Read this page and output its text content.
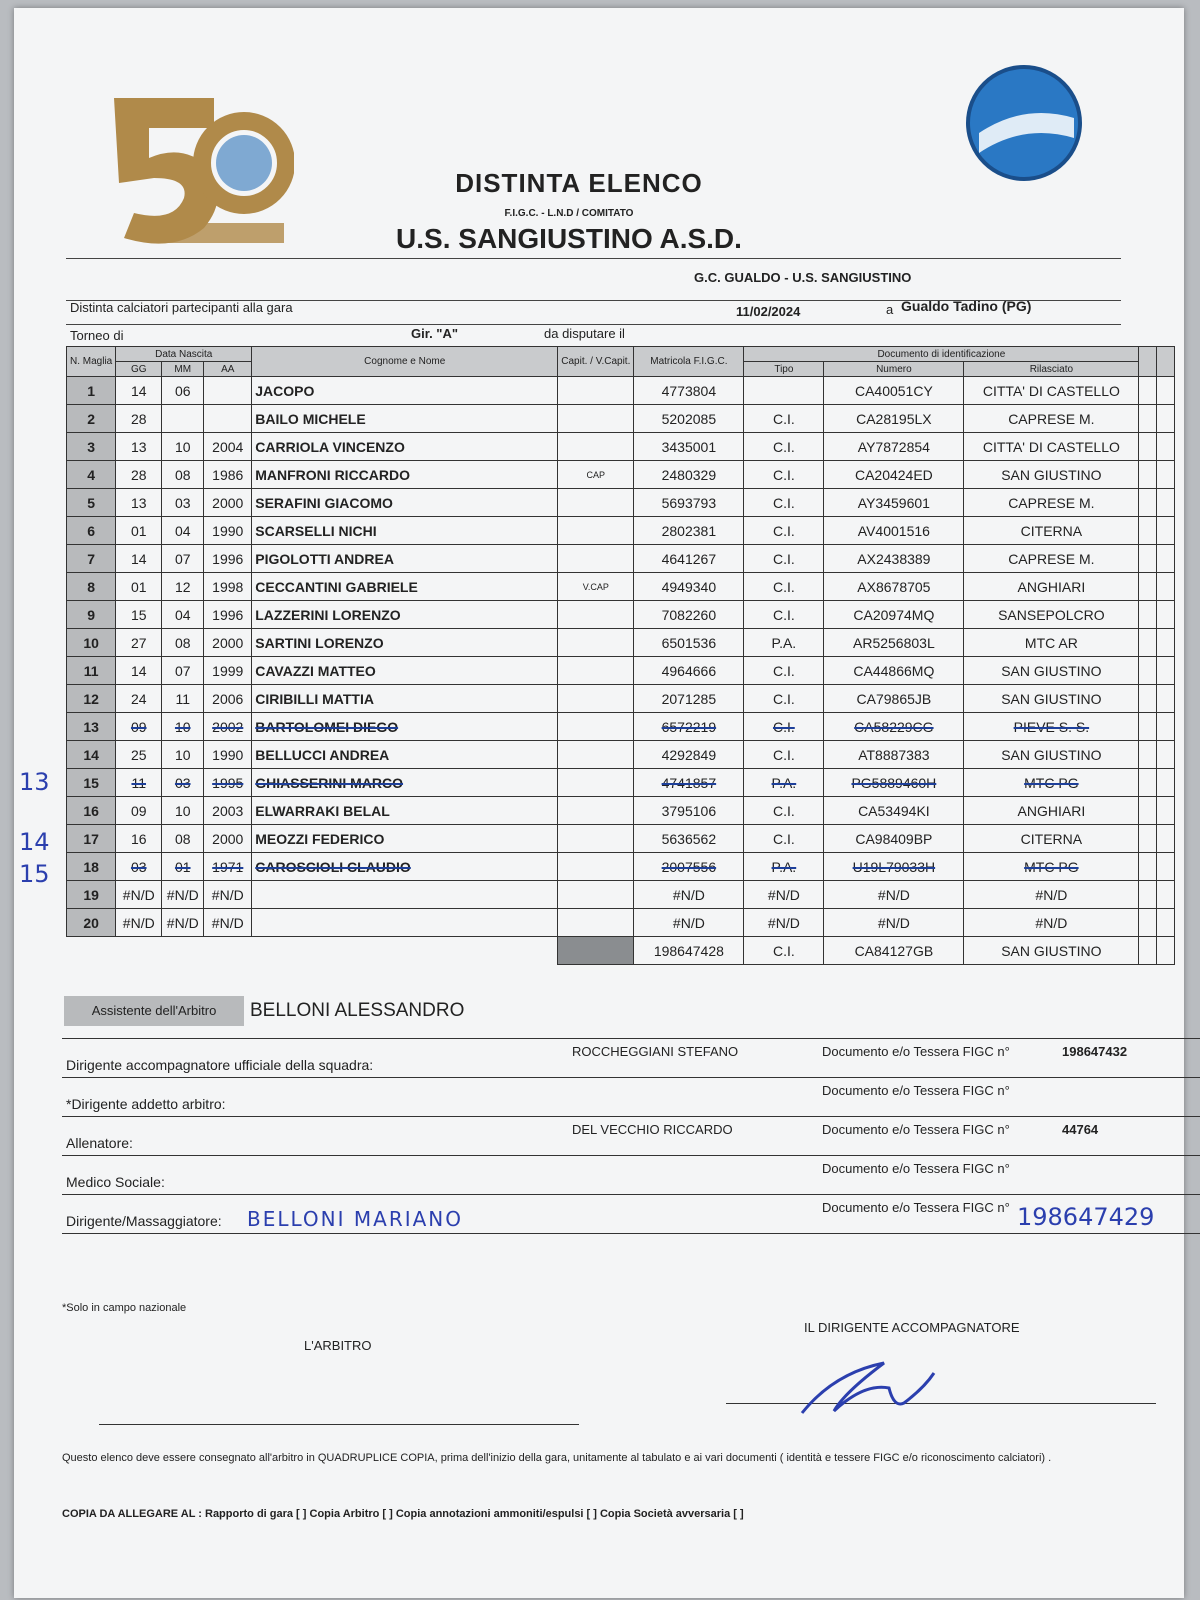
DISTINTA ELENCO
F.I.G.C. - L.N.D / COMITATO
U.S. SANGIUSTINO A.S.D.
Distinta calciatori partecipanti alla gara
G.C. GUALDO - U.S. SANGIUSTINO
Torneo di	Gir. "A"	da disputare il
11/02/2024	a Gualdo Tadino (PG)
N. Maglia	Data Nascita			Cognome e Nome	Capit. / V.Capit.	Matricola F.I.G.C.	Documento di identificazione				
	GG	MM	AA				Tipo	Numero	Rilasciato		
1	14	06		JACOPO		4773804		CA40051CY	CITTA' DI CASTELLO		
2	28			BAILO MICHELE		5202085	C.I.	CA28195LX	CAPRESE M.		
3	13	10	2004	CARRIOLA VINCENZO		3435001	C.I.	AY7872854	CITTA' DI CASTELLO		
4	28	08	1986	MANFRONI RICCARDO	CAP	2480329	C.I.	CA20424ED	SAN GIUSTINO		
5	13	03	2000	SERAFINI GIACOMO		5693793	C.I.	AY3459601	CAPRESE M.		
6	01	04	1990	SCARSELLI NICHI		2802381	C.I.	AV4001516	CITERNA		
7	14	07	1996	PIGOLOTTI ANDREA		4641267	C.I.	AX2438389	CAPRESE M.		
8	01	12	1998	CECCANTINI GABRIELE	V.CAP	4949340	C.I.	AX8678705	ANGHIARI		
9	15	04	1996	LAZZERINI LORENZO		7082260	C.I.	CA20974MQ	SANSEPOLCRO		
10	27	08	2000	SARTINI LORENZO		6501536	P.A.	AR5256803L	MTC AR		
11	14	07	1999	CAVAZZI MATTEO		4964666	C.I.	CA44866MQ	SAN GIUSTINO		
12	24	11	2006	CIRIBILLI MATTIA		2071285	C.I.	CA79865JB	SAN GIUSTINO		
13	09	10	2002	BARTOLOMEI DIEGO		6572219	C.I.	CA58229CG	PIEVE S. S.		
14	25	10	1990	BELLUCCI ANDREA		4292849	C.I.	AT8887383	SAN GIUSTINO		
15	11	03	1995	GHIASSERINI MARCO		4741857	P.A.	PG5889460H	MTC PG		
16	09	10	2003	ELWARRAKI BELAL		3795106	C.I.	CA53494KI	ANGHIARI		
17	16	08	2000	MEOZZI FEDERICO		5636562	C.I.	CA98409BP	CITERNA		
18	03	01	1971	CAROSCIOLI CLAUDIO		2007556	P.A.	U19L79033H	MTC PG		
19	#N/D	#N/D	#N/D			#N/D	#N/D	#N/D	#N/D		
20	#N/D	#N/D	#N/D			#N/D	#N/D	#N/D	#N/D		
						198647428	C.I.	CA84127GB	SAN GIUSTINO		
Assistente dell'Arbitro	BELLONI ALESSANDRO
13
14
15
Dirigente accompagnatore ufficiale della squadra:
ROCCHEGGIANI STEFANO	Documento e/o Tessera FIGC n°	198647432
*Dirigente addetto arbitro:
Documento e/o Tessera FIGC n°
Allenatore:
DEL VECCHIO RICCARDO	Documento e/o Tessera FIGC n°	44764
Medico Sociale:
Documento e/o Tessera FIGC n°
Dirigente/Massaggiatore: BELLONI MARIANO	Documento e/o Tessera FIGC n° 198647429
*Solo in campo nazionale
L'ARBITRO
IL DIRIGENTE ACCOMPAGNATORE
Questo elenco deve essere consegnato all'arbitro in QUADRUPLICE COPIA, prima dell'inizio della gara, unitamente al tabulato e ai vari documenti ( identità e tessere FIGC e/o riconoscimento calciatori) .
COPIA DA ALLEGARE AL : Rapporto di gara [ ] Copia Arbitro [ ] Copia annotazioni ammoniti/espulsi [ ] Copia Società avversaria [ ]
